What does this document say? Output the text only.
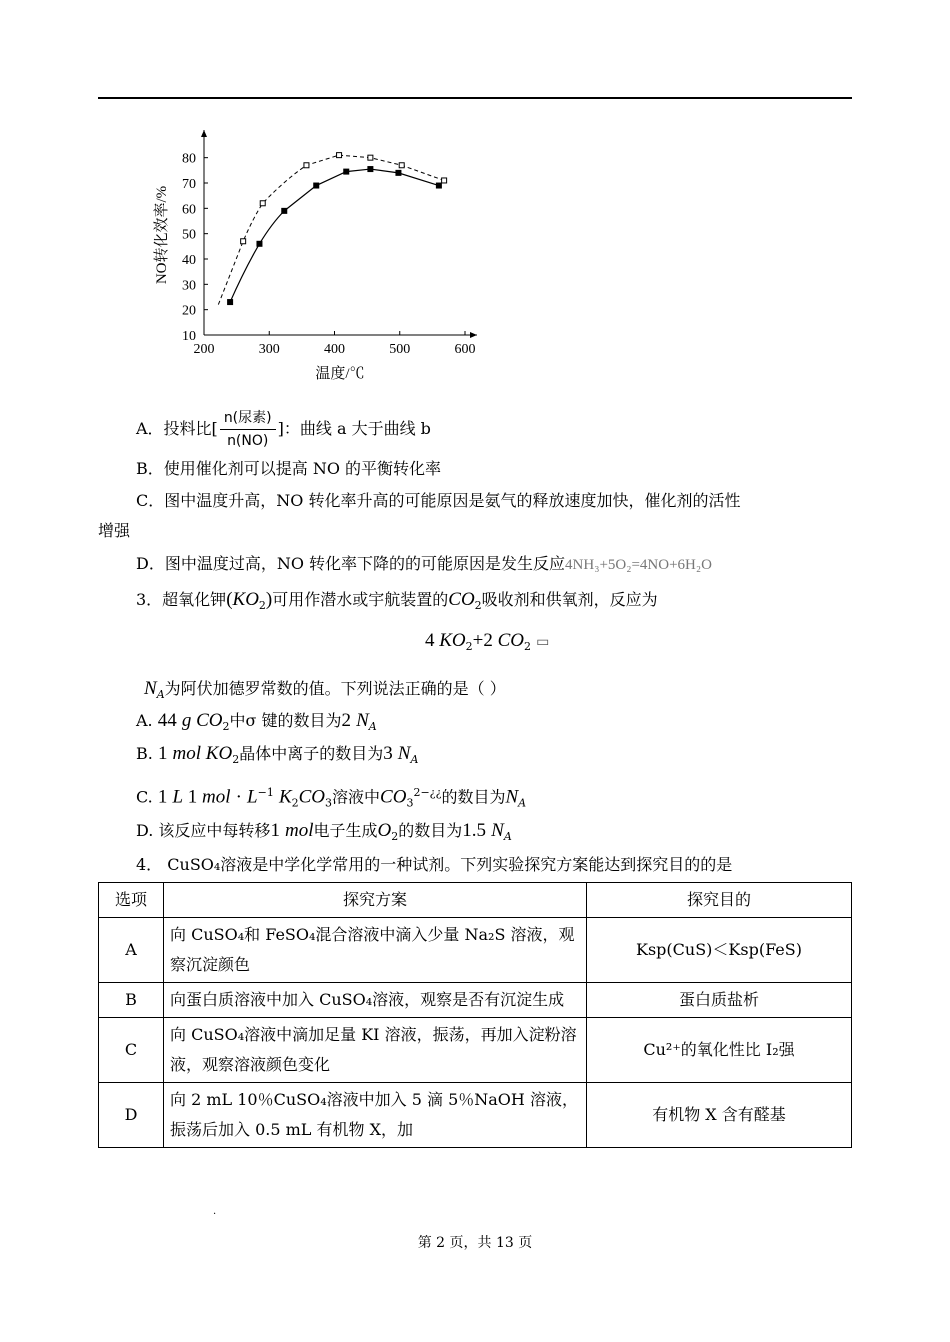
200	300	400	500	600
10
20
30
40
50
60
70
80
NO转化效率/%
温度/℃
A．投料比[ $\frac{\text{n(尿素)}}{n(NO)}$ ]：曲线 a 大于曲线 b
B．使用催化剂可以提高 NO 的平衡转化率
C．图中温度升高，NO 转化率升高的可能原因是氨气的释放速度加快，催化剂的活性
增强
D．图中温度过高，NO 转化率下降的的可能原因是发生反应4NH₃+5O₂=4NO+6H₂O
3．超氧化钾$(KO_2)$可用作潜水或宇航装置的$CO_2$吸收剂和供氧剂，反应为
4 $KO_2+2$ $CO_2$ ▭
$N_A$为阿伏加德罗常数的值。下列说法正确的是（ ）
A. 44 g $CO_2$中σ 键的数目为2 $N_A$
B. 1 mol $KO_2$晶体中离子的数目为3 $N_A$
C. 1 L 1 mol · $L^{-1}$ $K_2CO_3$溶液中$CO_3^{2-¿¿}$的数目为$N_A$
D. 该反应中每转移1 mol电子生成$O_2$的数目为1.5 $N_A$
4． CuSO₄溶液是中学化学常用的一种试剂。下列实验探究方案能达到探究目的的是
选项	探究方案	探究目的
A	向 CuSO₄和 FeSO₄混合溶液中滴入少量 Na₂S 溶液，观察沉淀颜色	Ksp(CuS)＜Ksp(FeS)
B	向蛋白质溶液中加入 CuSO₄溶液，观察是否有沉淀生成	蛋白质盐析
C	向 CuSO₄溶液中滴加足量 KI 溶液，振荡，再加入淀粉溶液，观察溶液颜色变化	Cu²⁺的氧化性比 I₂强
D	向 2 mL 10％CuSO₄溶液中加入 5 滴 5％NaOH 溶液，振荡后加入 0.5 mL 有机物 X，加	有机物 X 含有醛基
.
第 2 页，共 13 页
